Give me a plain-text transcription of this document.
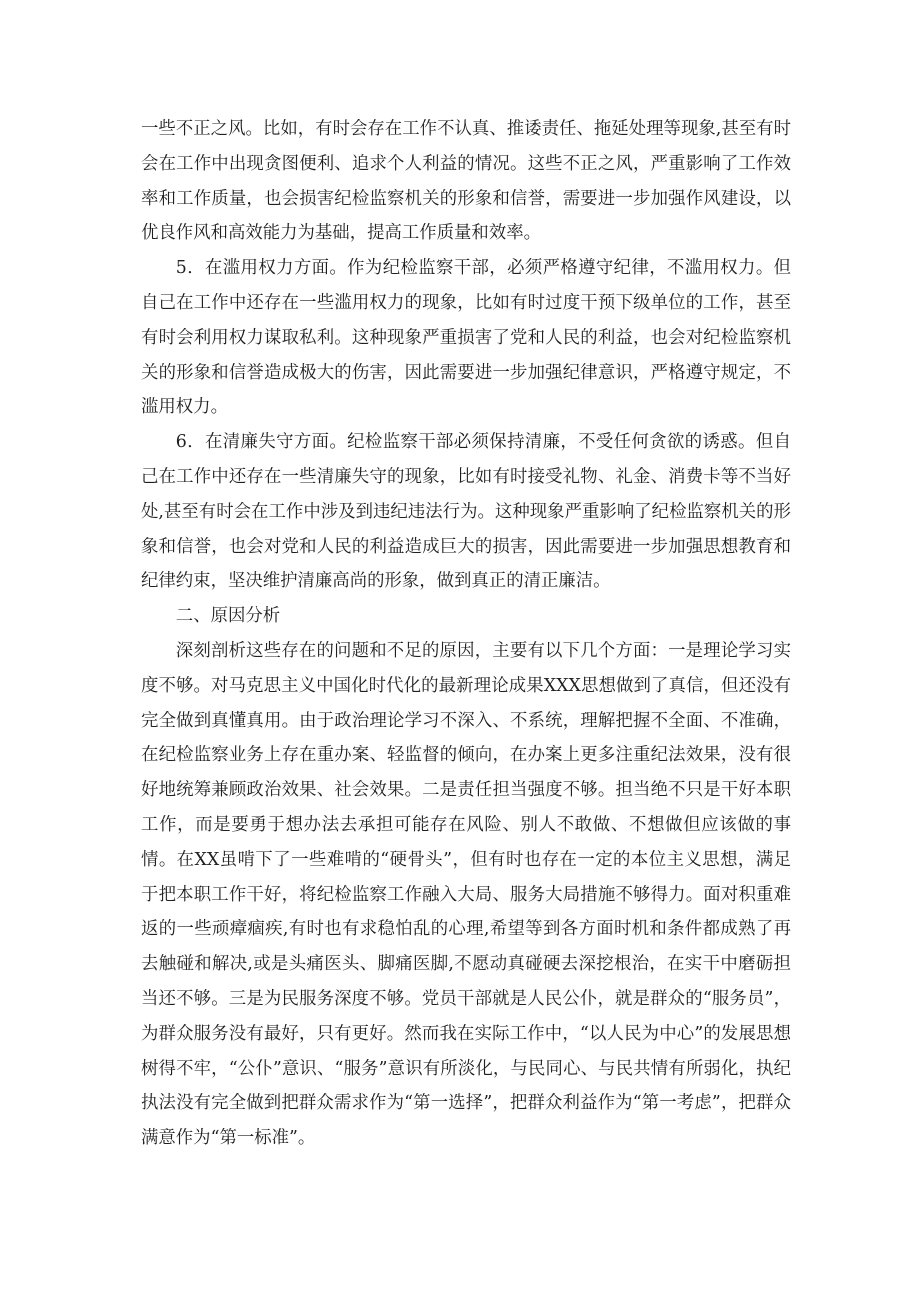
一些不正之风。比如，有时会存在工作不认真、推诿责任、拖延处理等现象,甚至有时会在工作中出现贪图便利、追求个人利益的情况。这些不正之风，严重影响了工作效率和工作质量，也会损害纪检监察机关的形象和信誉，需要进一步加强作风建设，以优良作风和高效能力为基础，提高工作质量和效率。

5．在滥用权力方面。作为纪检监察干部，必须严格遵守纪律，不滥用权力。但自己在工作中还存在一些滥用权力的现象，比如有时过度干预下级单位的工作，甚至有时会利用权力谋取私利。这种现象严重损害了党和人民的利益，也会对纪检监察机关的形象和信誉造成极大的伤害，因此需要进一步加强纪律意识，严格遵守规定，不滥用权力。

6．在清廉失守方面。纪检监察干部必须保持清廉，不受任何贪欲的诱惑。但自己在工作中还存在一些清廉失守的现象，比如有时接受礼物、礼金、消费卡等不当好处,甚至有时会在工作中涉及到违纪违法行为。这种现象严重影响了纪检监察机关的形象和信誉，也会对党和人民的利益造成巨大的损害，因此需要进一步加强思想教育和纪律约束，坚决维护清廉高尚的形象，做到真正的清正廉洁。

二、原因分析

深刻剖析这些存在的问题和不足的原因，主要有以下几个方面：一是理论学习实度不够。对马克思主义中国化时代化的最新理论成果XXX思想做到了真信，但还没有完全做到真懂真用。由于政治理论学习不深入、不系统，理解把握不全面、不准确，在纪检监察业务上存在重办案、轻监督的倾向，在办案上更多注重纪法效果，没有很好地统筹兼顾政治效果、社会效果。二是责任担当强度不够。担当绝不只是干好本职工作，而是要勇于想办法去承担可能存在风险、别人不敢做、不想做但应该做的事情。在XX虽啃下了一些难啃的“硬骨头”，但有时也存在一定的本位主义思想，满足于把本职工作干好，将纪检监察工作融入大局、服务大局措施不够得力。面对积重难返的一些顽瘴痼疾,有时也有求稳怕乱的心理,希望等到各方面时机和条件都成熟了再去触碰和解决,或是头痛医头、脚痛医脚,不愿动真碰硬去深挖根治，在实干中磨砺担当还不够。三是为民服务深度不够。党员干部就是人民公仆，就是群众的“服务员”，为群众服务没有最好，只有更好。然而我在实际工作中，“以人民为中心”的发展思想树得不牢，“公仆”意识、“服务”意识有所淡化，与民同心、与民共情有所弱化，执纪执法没有完全做到把群众需求作为“第一选择”，把群众利益作为“第一考虑”，把群众满意作为“第一标准”。
